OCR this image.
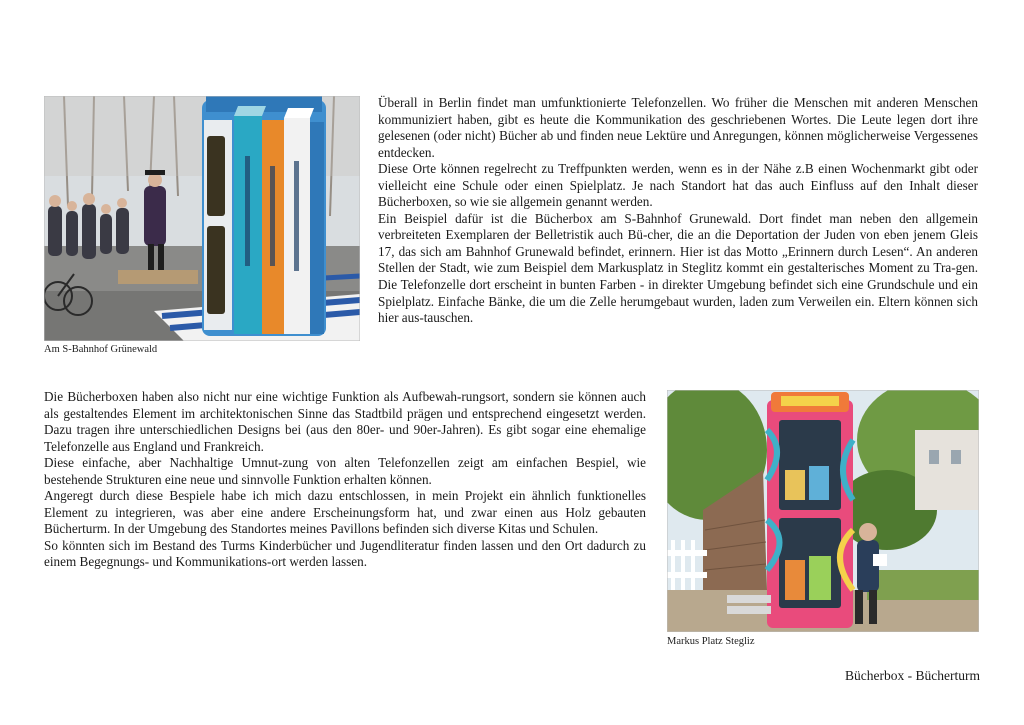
Am S-Bahnhof Grünewald

Überall in Berlin findet man umfunktionierte Telefonzellen. Wo früher die Menschen mit anderen Menschen kommuniziert haben, gibt es heute die Kommunikation des geschriebenen Wortes. Die Leute legen dort ihre gelesenen (oder nicht) Bücher ab und finden neue Lektüre und Anregungen, können möglicherweise Vergessenes entdecken.

Diese Orte können regelrecht zu Treffpunkten werden, wenn es in der Nähe z.B einen Wochenmarkt gibt oder vielleicht eine Schule oder einen Spielplatz. Je nach Standort hat das auch Einfluss auf den Inhalt dieser Bücherboxen, so wie sie allgemein genannt werden.

Ein Beispiel dafür ist die Bücherbox am S-Bahnhof Grunewald. Dort findet man neben den allgemein verbreiteten Exemplaren der Belletristik auch Bü-cher, die an die Deportation der Juden von eben jenem Gleis 17, das sich am Bahnhof Grunewald befindet, erinnern. Hier ist das Motto „Erinnern durch Lesen“. An anderen Stellen der Stadt, wie zum Beispiel dem Markusplatz in Steglitz kommt ein gestalterisches Moment zu Tra-gen. Die Telefonzelle dort erscheint in bunten Farben - in direkter Umgebung befindet sich eine Grundschule und ein Spielplatz. Einfache Bänke, die um die Zelle herumgebaut wurden, laden zum Verweilen ein. Eltern können sich hier aus-tauschen.

Die Bücherboxen haben also nicht nur eine wichtige Funktion als Aufbewah-rungsort, sondern sie können auch als gestaltendes Element im architektonischen Sinne das Stadtbild prägen und entsprechend eingesetzt werden. Dazu tragen ihre unterschiedlichen Designs bei (aus den 80er- und 90er-Jahren). Es gibt sogar eine ehemalige Telefonzelle aus England und Frankreich.

Diese einfache, aber Nachhaltige Umnut-zung von alten Telefonzellen zeigt am einfachen Bespiel, wie bestehende Strukturen eine neue und sinnvolle Funktion erhalten können.

Angeregt durch diese Bespiele habe ich mich dazu entschlossen, in mein Projekt ein ähnlich funktionelles Element zu integrieren, was aber eine andere Erscheinungsform hat, und zwar einen aus Holz gebauten Bücherturm. In der Umgebung des Standortes meines Pavillons befinden sich diverse Kitas und Schulen.

So könnten sich im Bestand des Turms Kinderbücher und Jugendliteratur finden lassen und den Ort dadurch zu einem Begegnungs- und Kommunikations-ort werden lassen.

Markus Platz Stegliz
Bücherbox - Bücherturm
